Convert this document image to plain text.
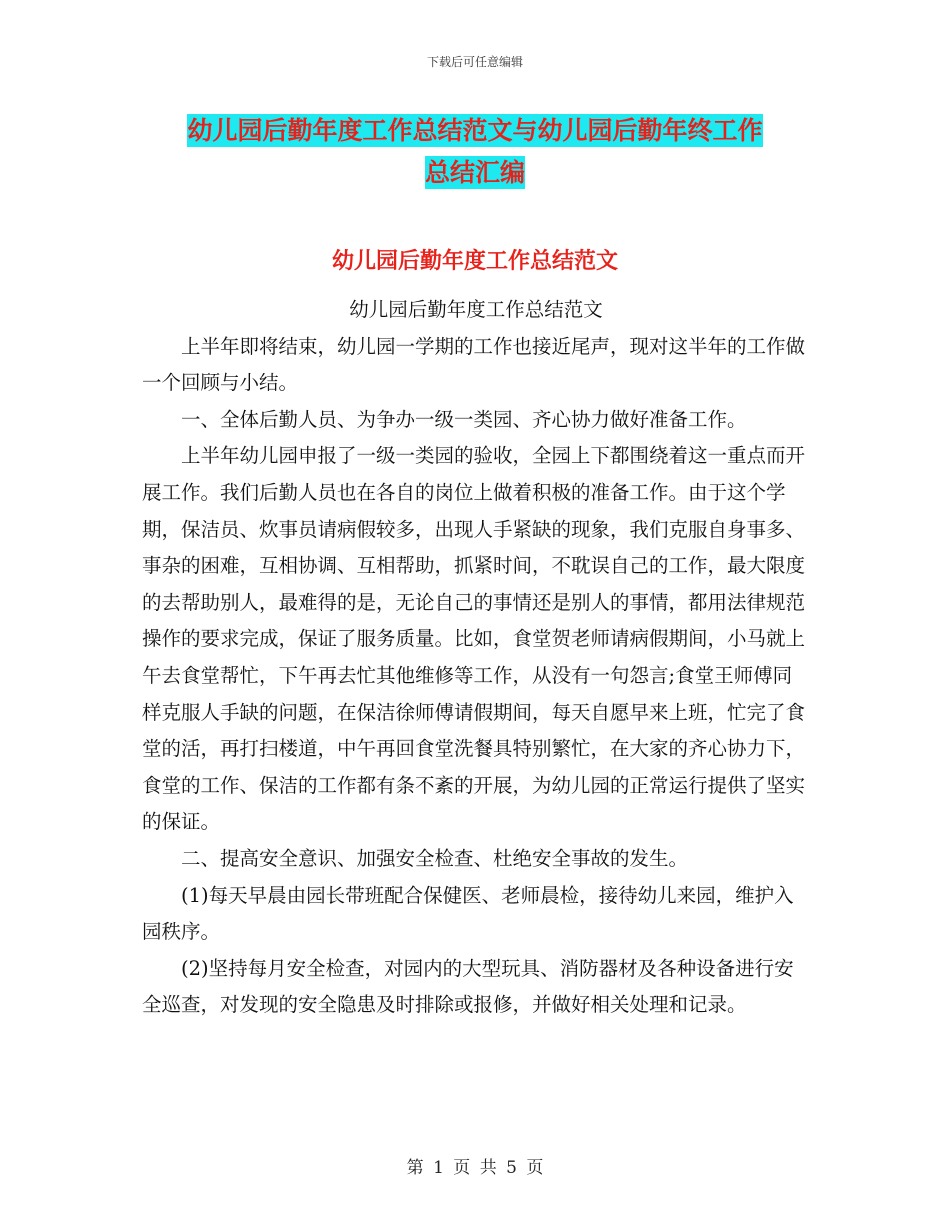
下载后可任意编辑
幼儿园后勤年度工作总结范文与幼儿园后勤年终工作
总结汇编
幼儿园后勤年度工作总结范文

幼儿园后勤年度工作总结范文

上半年即将结束，幼儿园一学期的工作也接近尾声，现对这半年的工作做一个回顾与小结。

一、全体后勤人员、为争办一级一类园、齐心协力做好准备工作。

上半年幼儿园申报了一级一类园的验收，全园上下都围绕着这一重点而开展工作。我们后勤人员也在各自的岗位上做着积极的准备工作。由于这个学期，保洁员、炊事员请病假较多，出现人手紧缺的现象，我们克服自身事多、事杂的困难，互相协调、互相帮助，抓紧时间，不耽误自己的工作，最大限度的去帮助别人，最难得的是，无论自己的事情还是别人的事情，都用法律规范操作的要求完成，保证了服务质量。比如，食堂贺老师请病假期间，小马就上午去食堂帮忙，下午再去忙其他维修等工作，从没有一句怨言;食堂王师傅同样克服人手缺的问题，在保洁徐师傅请假期间，每天自愿早来上班，忙完了食堂的活，再打扫楼道，中午再回食堂洗餐具特别繁忙，在大家的齐心协力下，食堂的工作、保洁的工作都有条不紊的开展，为幼儿园的正常运行提供了坚实的保证。

二、提高安全意识、加强安全检查、杜绝安全事故的发生。

(1)每天早晨由园长带班配合保健医、老师晨检，接待幼儿来园，维护入园秩序。

(2)坚持每月安全检查，对园内的大型玩具、消防器材及各种设备进行安全巡查，对发现的安全隐患及时排除或报修，并做好相关处理和记录。

第 1 页 共 5 页
